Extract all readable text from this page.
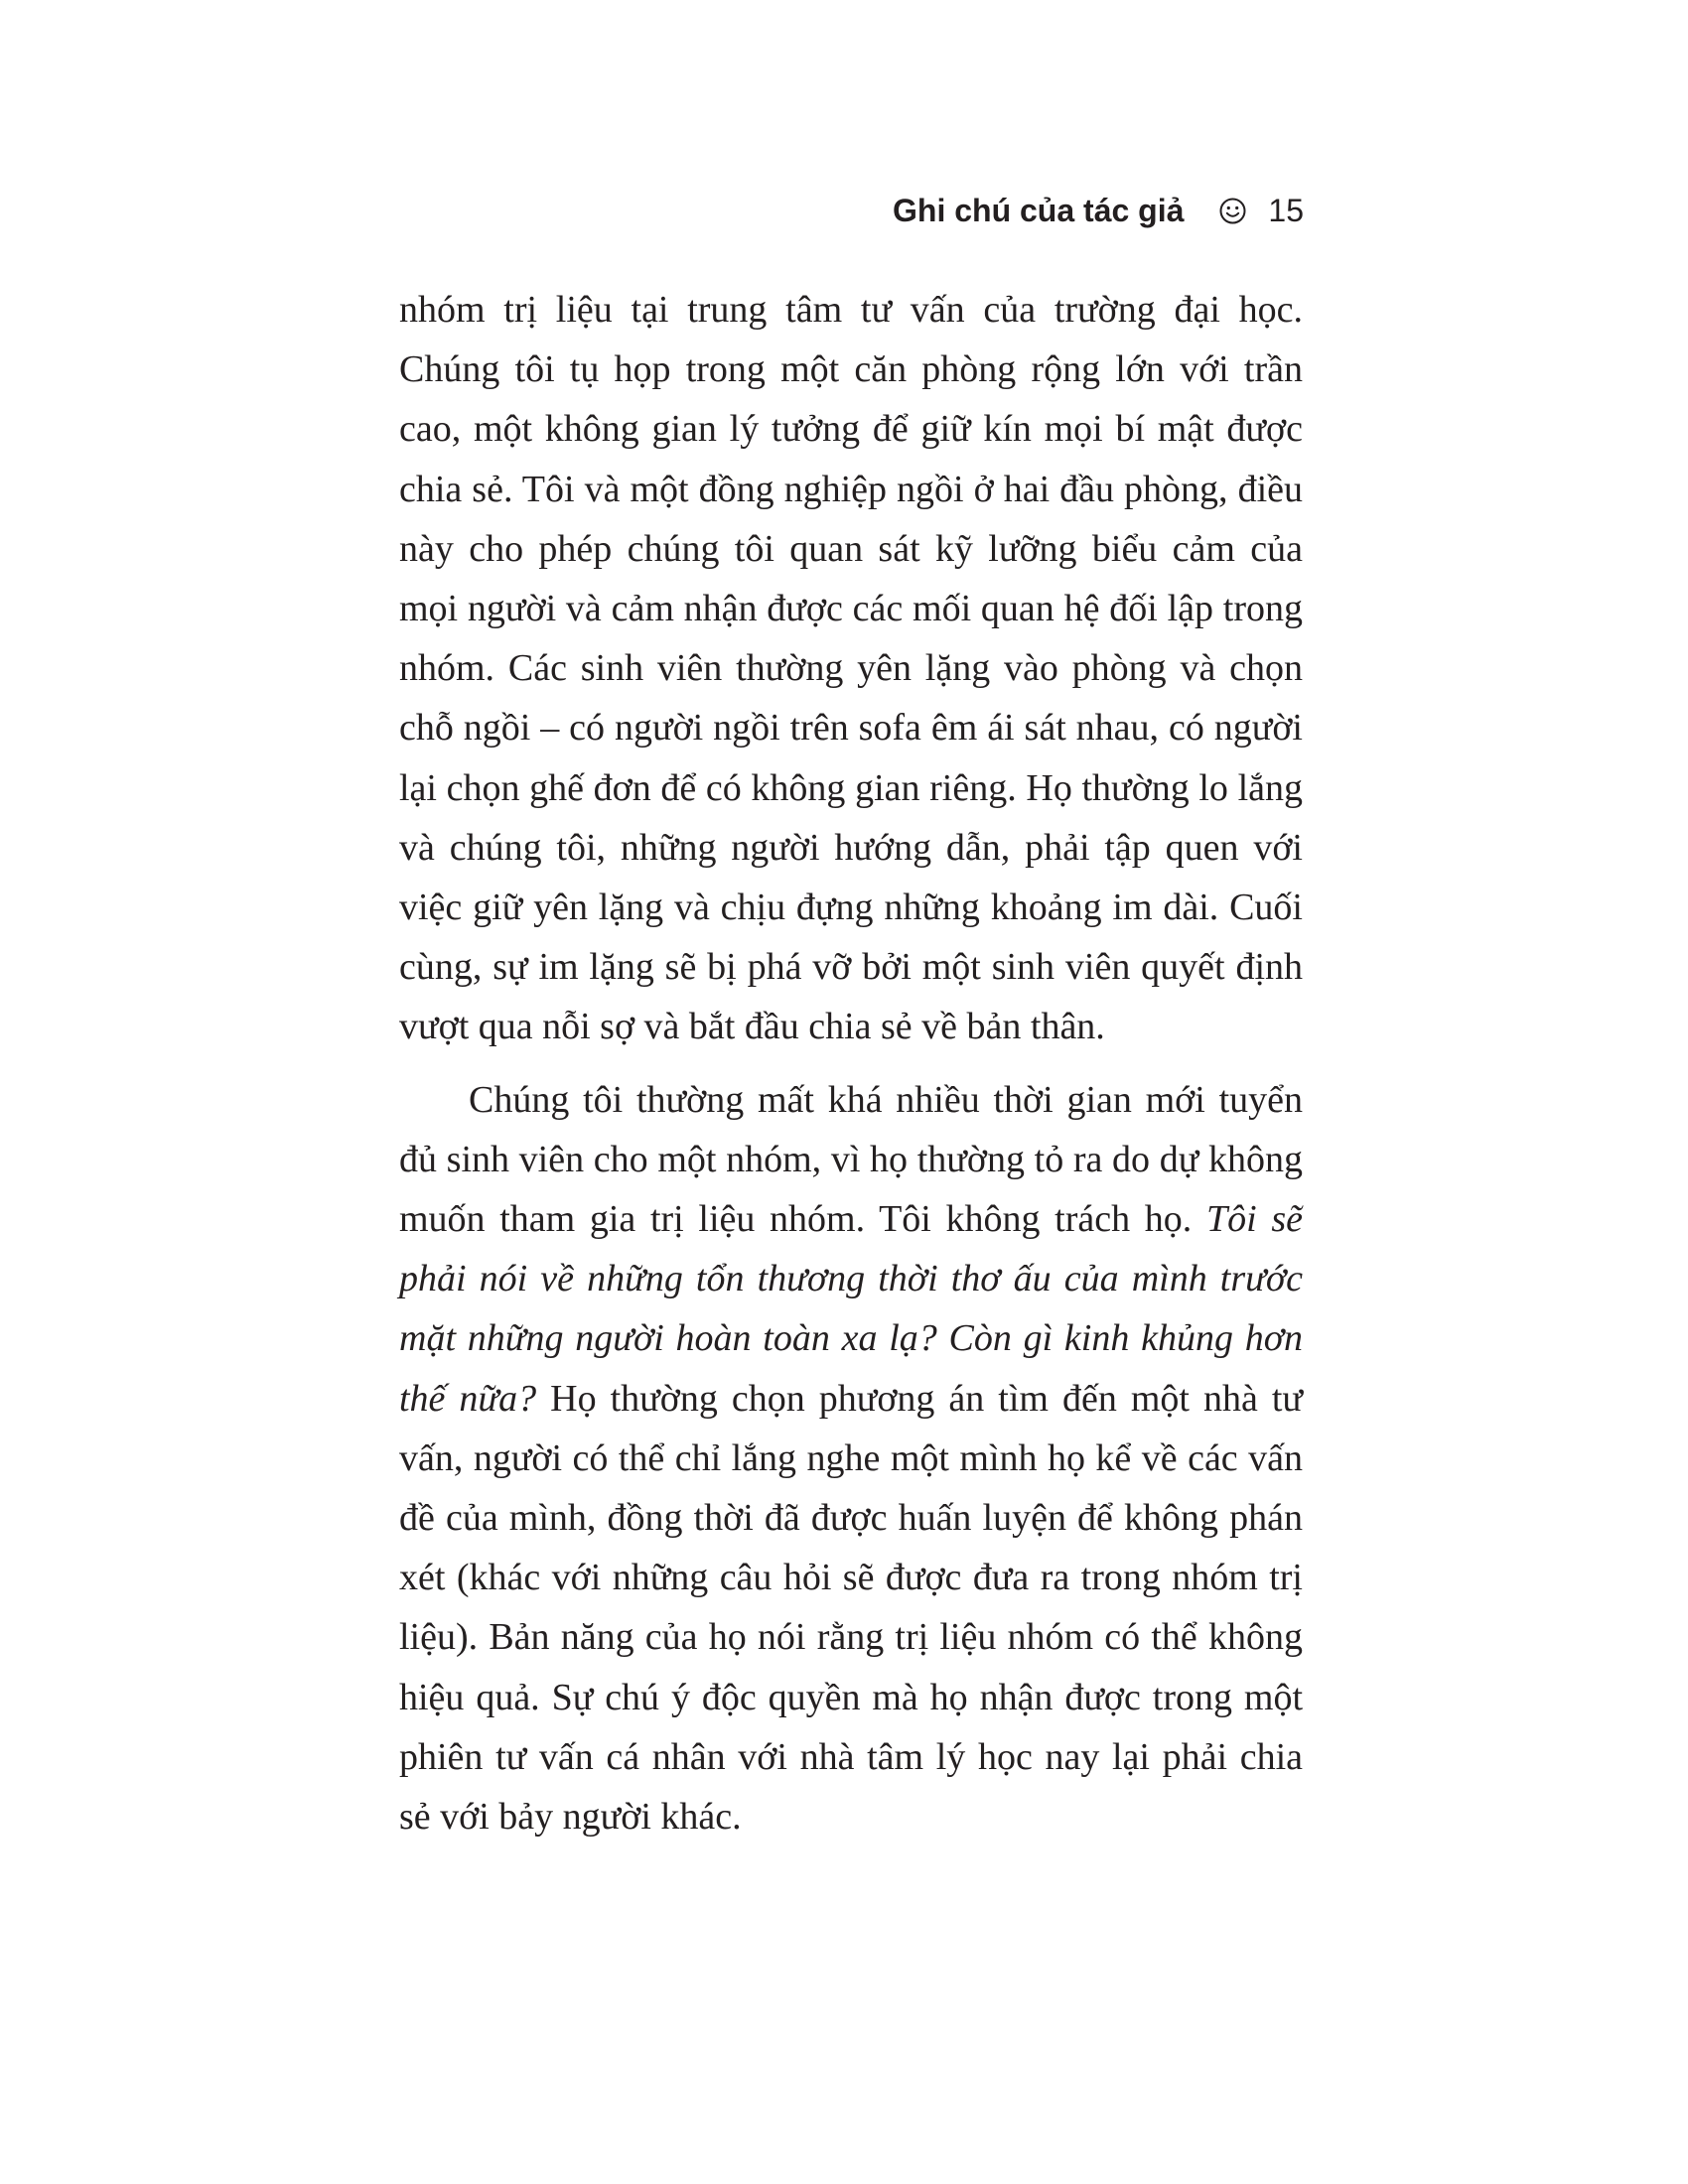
Ghi chú của tác giả	15

nhóm trị liệu tại trung tâm tư vấn của trường đại học. Chúng tôi tụ họp trong một căn phòng rộng lớn với trần cao, một không gian lý tưởng để giữ kín mọi bí mật được chia sẻ. Tôi và một đồng nghiệp ngồi ở hai đầu phòng, điều này cho phép chúng tôi quan sát kỹ lưỡng biểu cảm của mọi người và cảm nhận được các mối quan hệ đối lập trong nhóm. Các sinh viên thường yên lặng vào phòng và chọn chỗ ngồi – có người ngồi trên sofa êm ái sát nhau, có người lại chọn ghế đơn để có không gian riêng. Họ thường lo lắng và chúng tôi, những người hướng dẫn, phải tập quen với việc giữ yên lặng và chịu đựng những khoảng im dài. Cuối cùng, sự im lặng sẽ bị phá vỡ bởi một sinh viên quyết định vượt qua nỗi sợ và bắt đầu chia sẻ về bản thân.

Chúng tôi thường mất khá nhiều thời gian mới tuyển đủ sinh viên cho một nhóm, vì họ thường tỏ ra do dự không muốn tham gia trị liệu nhóm. Tôi không trách họ. Tôi sẽ phải nói về những tổn thương thời thơ ấu của mình trước mặt những người hoàn toàn xa lạ? Còn gì kinh khủng hơn thế nữa? Họ thường chọn phương án tìm đến một nhà tư vấn, người có thể chỉ lắng nghe một mình họ kể về các vấn đề của mình, đồng thời đã được huấn luyện để không phán xét (khác với những câu hỏi sẽ được đưa ra trong nhóm trị liệu). Bản năng của họ nói rằng trị liệu nhóm có thể không hiệu quả. Sự chú ý độc quyền mà họ nhận được trong một phiên tư vấn cá nhân với nhà tâm lý học nay lại phải chia sẻ với bảy người khác.
